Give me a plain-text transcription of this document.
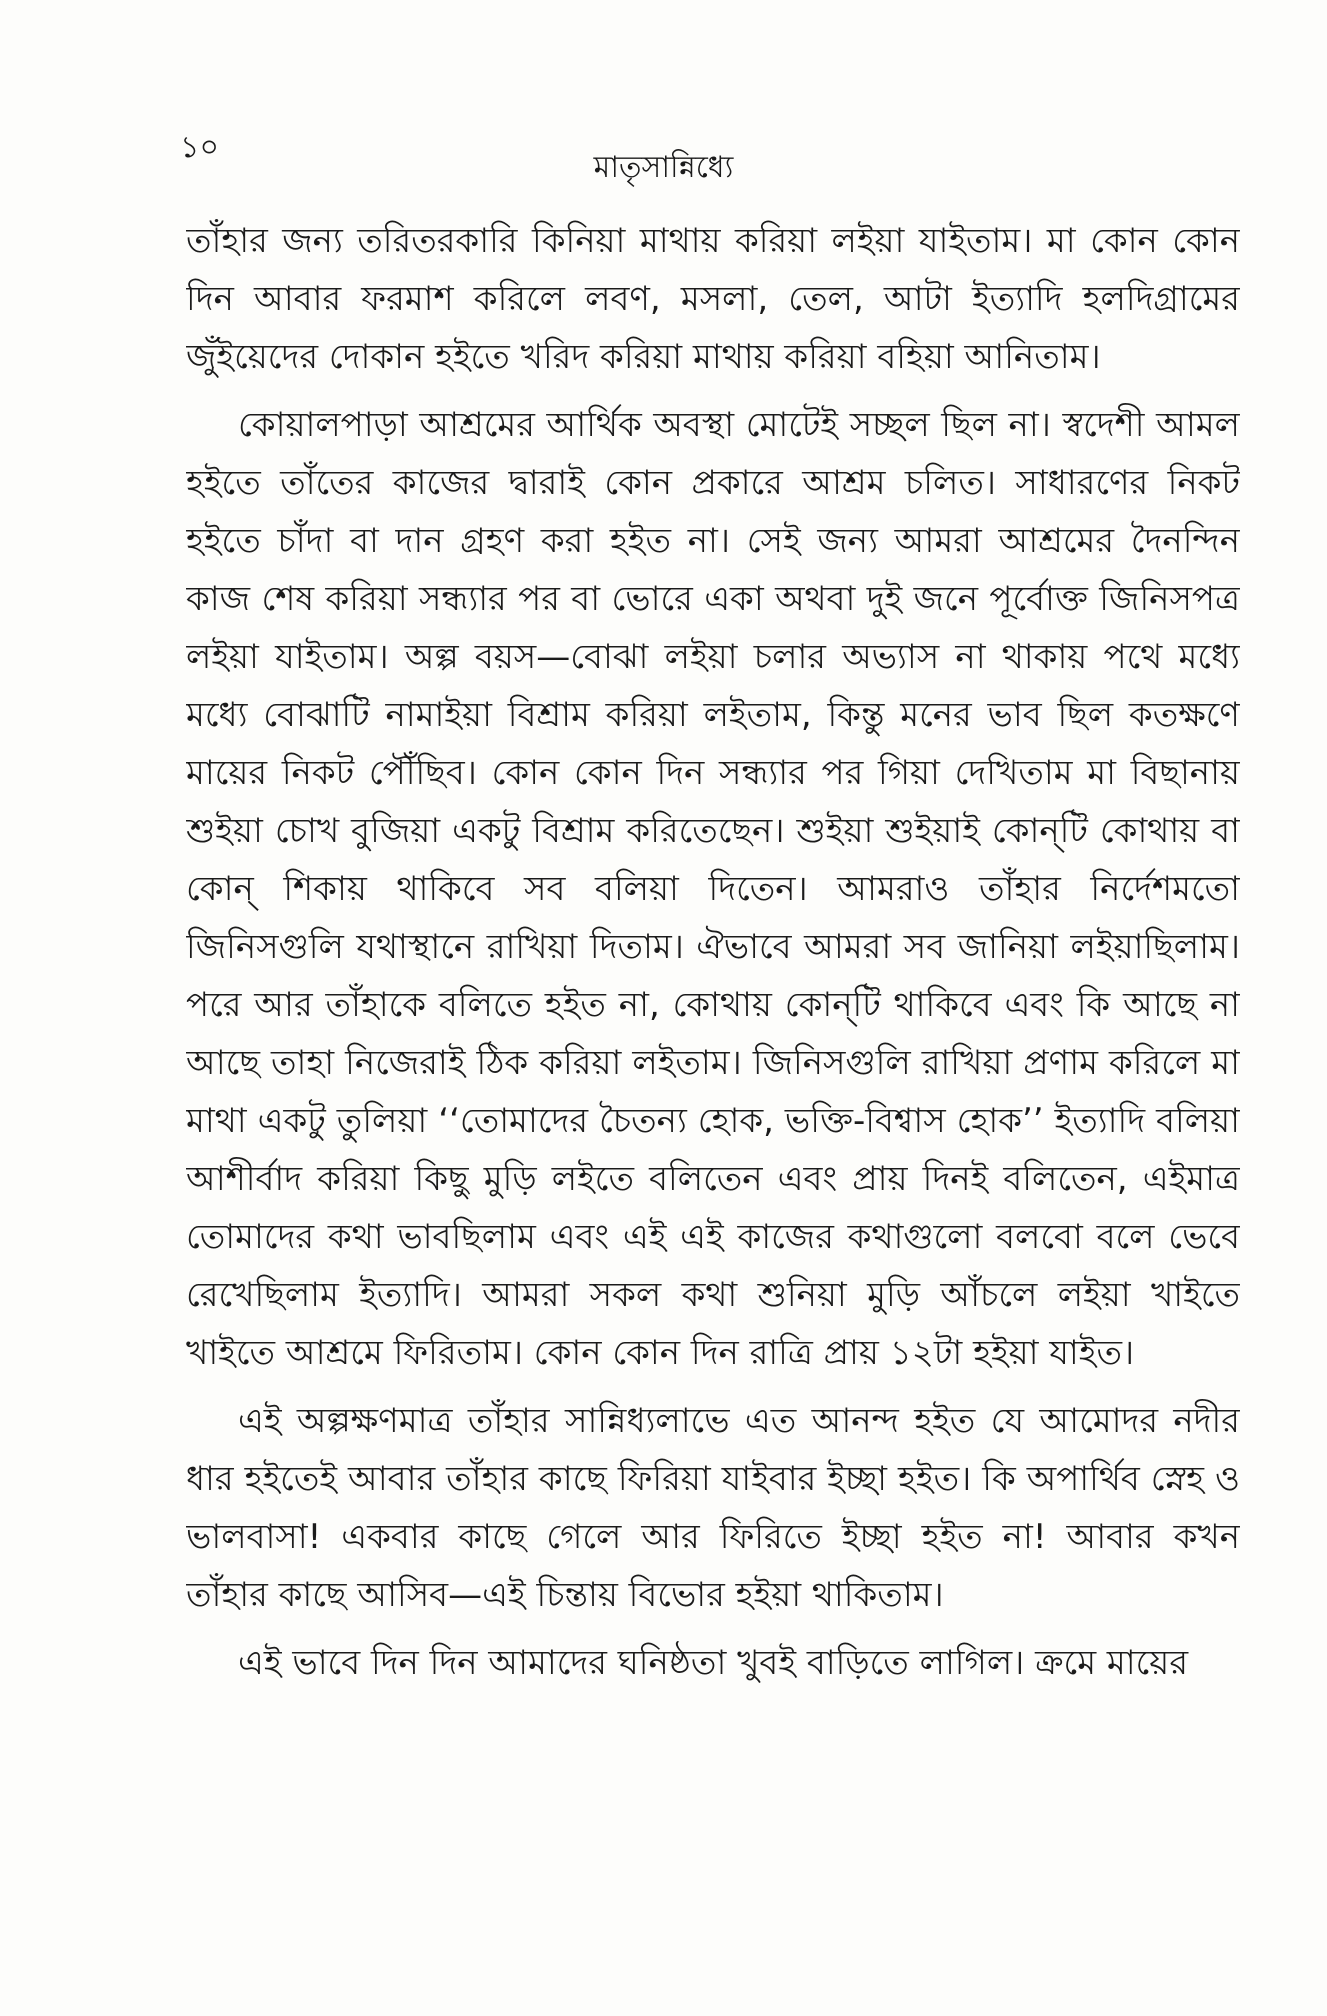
১০
মাতৃসান্নিধ্যে

তাঁহার জন্য তরিতরকারি কিনিয়া মাথায় করিয়া লইয়া যাইতাম। মা কোন কোন দিন আবার ফরমাশ করিলে লবণ, মসলা, তেল, আটা ইত্যাদি হলদিগ্রামের জুঁইয়েদের দোকান হইতে খরিদ করিয়া মাথায় করিয়া বহিয়া আনিতাম।

কোয়ালপাড়া আশ্রমের আর্থিক অবস্থা মোটেই সচ্ছল ছিল না। স্বদেশী আমল হইতে তাঁতের কাজের দ্বারাই কোন প্রকারে আশ্রম চলিত। সাধারণের নিকট হইতে চাঁদা বা দান গ্রহণ করা হইত না। সেই জন্য আমরা আশ্রমের দৈনন্দিন কাজ শেষ করিয়া সন্ধ্যার পর বা ভোরে একা অথবা দুই জনে পূর্বোক্ত জিনিসপত্র লইয়া যাইতাম। অল্প বয়স—বোঝা লইয়া চলার অভ্যাস না থাকায় পথে মধ্যে মধ্যে বোঝাটি নামাইয়া বিশ্রাম করিয়া লইতাম, কিন্তু মনের ভাব ছিল কতক্ষণে মায়ের নিকট পৌঁছিব। কোন কোন দিন সন্ধ্যার পর গিয়া দেখিতাম মা বিছানায় শুইয়া চোখ বুজিয়া একটু বিশ্রাম করিতেছেন। শুইয়া শুইয়াই কোন্‌টি কোথায় বা কোন্ শিকায় থাকিবে সব বলিয়া দিতেন। আমরাও তাঁহার নির্দেশমতো জিনিসগুলি যথাস্থানে রাখিয়া দিতাম। ঐভাবে আমরা সব জানিয়া লইয়াছিলাম। পরে আর তাঁহাকে বলিতে হইত না, কোথায় কোন্‌টি থাকিবে এবং কি আছে না আছে তাহা নিজেরাই ঠিক করিয়া লইতাম। জিনিসগুলি রাখিয়া প্রণাম করিলে মা মাথা একটু তুলিয়া ‘‘তোমাদের চৈতন্য হোক, ভক্তি-বিশ্বাস হোক’’ ইত্যাদি বলিয়া আশীর্বাদ করিয়া কিছু মুড়ি লইতে বলিতেন এবং প্রায় দিনই বলিতেন, এইমাত্র তোমাদের কথা ভাবছিলাম এবং এই এই কাজের কথাগুলো বলবো বলে ভেবে রেখেছিলাম ইত্যাদি। আমরা সকল কথা শুনিয়া মুড়ি আঁচলে লইয়া খাইতে খাইতে আশ্রমে ফিরিতাম। কোন কোন দিন রাত্রি প্রায় ১২টা হইয়া যাইত।

এই অল্পক্ষণমাত্র তাঁহার সান্নিধ্যলাভে এত আনন্দ হইত যে আমোদর নদীর ধার হইতেই আবার তাঁহার কাছে ফিরিয়া যাইবার ইচ্ছা হইত। কি অপার্থিব স্নেহ ও ভালবাসা! একবার কাছে গেলে আর ফিরিতে ইচ্ছা হইত না! আবার কখন তাঁহার কাছে আসিব—এই চিন্তায় বিভোর হইয়া থাকিতাম।

এই ভাবে দিন দিন আমাদের ঘনিষ্ঠতা খুবই বাড়িতে লাগিল। ক্রমে মায়ের
